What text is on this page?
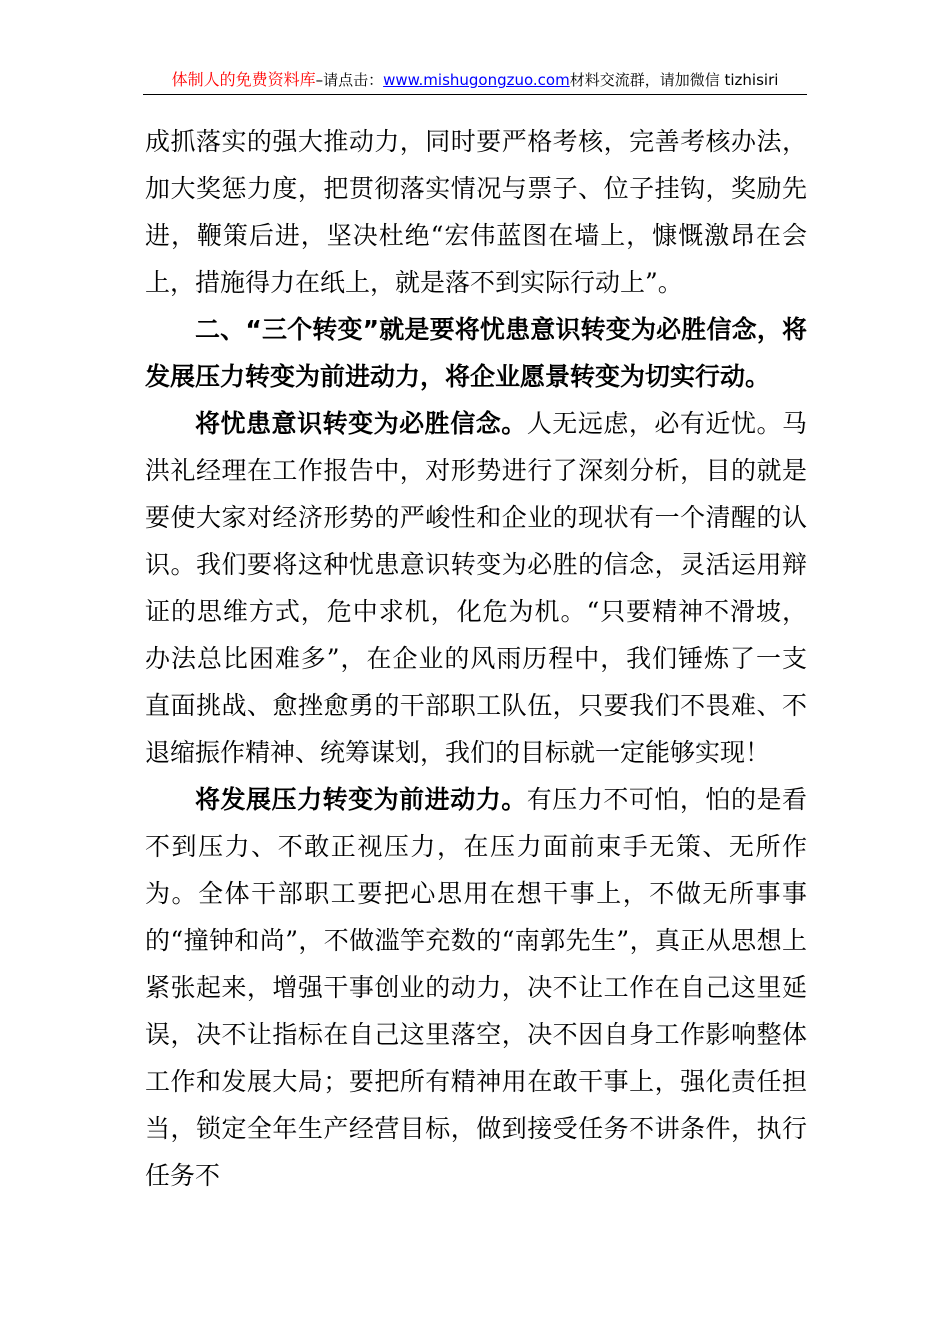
体制人的免费资料库–请点击：www.mishugongzuo.com材料交流群，请加微信 tizhisiri

成抓落实的强大推动力，同时要严格考核，完善考核办法，加大奖惩力度，把贯彻落实情况与票子、位子挂钩，奖励先进，鞭策后进，坚决杜绝“宏伟蓝图在墙上，慷慨激昂在会上，措施得力在纸上，就是落不到实际行动上”。

二、“三个转变”就是要将忧患意识转变为必胜信念，将发展压力转变为前进动力，将企业愿景转变为切实行动。

将忧患意识转变为必胜信念。人无远虑，必有近忧。马洪礼经理在工作报告中，对形势进行了深刻分析，目的就是要使大家对经济形势的严峻性和企业的现状有一个清醒的认识。我们要将这种忧患意识转变为必胜的信念，灵活运用辩证的思维方式，危中求机，化危为机。“只要精神不滑坡，办法总比困难多”，在企业的风雨历程中，我们锤炼了一支直面挑战、愈挫愈勇的干部职工队伍，只要我们不畏难、不退缩振作精神、统筹谋划，我们的目标就一定能够实现！

将发展压力转变为前进动力。有压力不可怕，怕的是看不到压力、不敢正视压力，在压力面前束手无策、无所作为。全体干部职工要把心思用在想干事上，不做无所事事的“撞钟和尚”，不做滥竽充数的“南郭先生”，真正从思想上紧张起来，增强干事创业的动力，决不让工作在自己这里延误，决不让指标在自己这里落空，决不因自身工作影响整体工作和发展大局；要把所有精神用在敢干事上，强化责任担当，锁定全年生产经营目标，做到接受任务不讲条件，执行任务不
